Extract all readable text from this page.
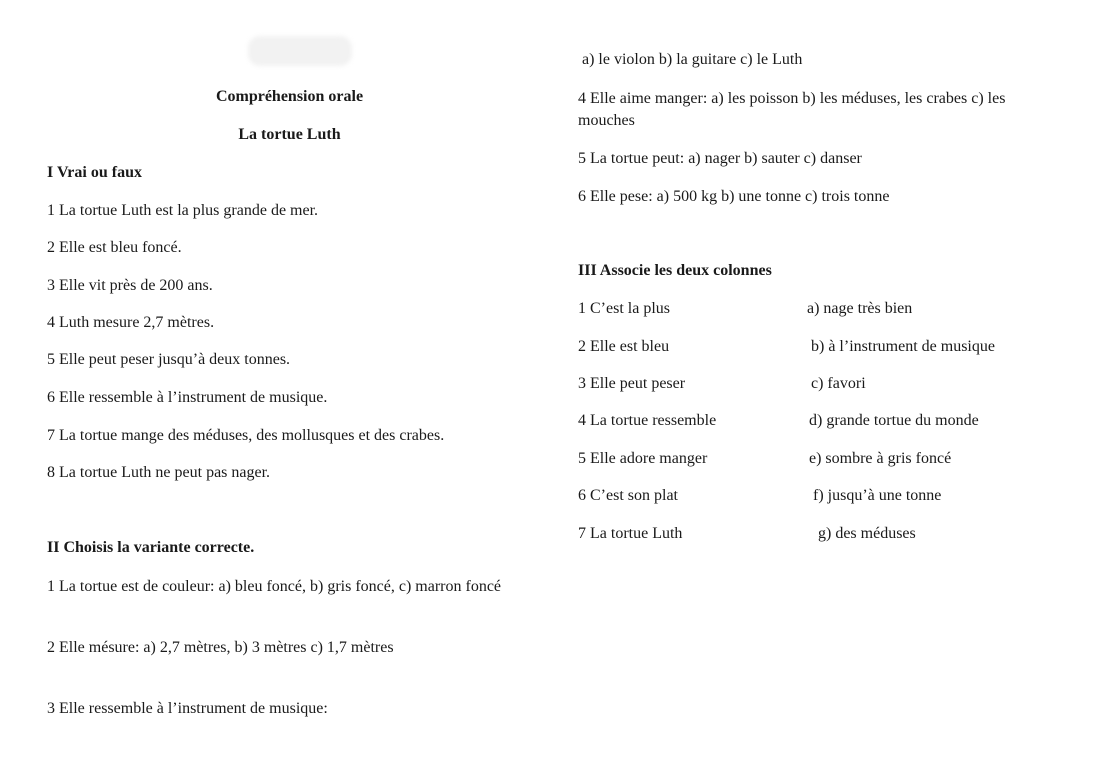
Compréhension orale
La tortue Luth
I Vrai ou faux
1 La tortue Luth est la plus grande de mer.
2 Elle est bleu foncé.
3 Elle vit près de 200 ans.
4 Luth mesure 2,7 mètres.
5 Elle peut peser jusqu’à deux tonnes.
6 Elle ressemble à l’instrument de musique.
7 La tortue mange des méduses, des mollusques et des crabes.
8 La tortue Luth ne peut pas nager.
II Choisis la variante correcte.
1 La tortue est de couleur: a) bleu foncé, b) gris foncé, c) marron foncé
2 Elle mésure: a) 2,7 mètres, b) 3 mètres c) 1,7 mètres
3 Elle ressemble à l’instrument de musique:
a) le violon b) la guitare c) le Luth
4 Elle aime manger: a) les poisson b) les méduses, les crabes c) les mouches
5 La tortue peut: a) nager b) sauter c) danser
6 Elle pese: a) 500 kg b) une tonne c) trois tonne
III Associe les deux colonnes
1 C’est la plus	a) nage très bien
2 Elle est bleu	b) à l’instrument de musique
3 Elle peut peser	c) favori
4 La tortue ressemble	d) grande tortue du monde
5 Elle adore manger	e) sombre à gris foncé
6 C’est son plat	f) jusqu’à une tonne
7 La tortue Luth	g) des méduses
